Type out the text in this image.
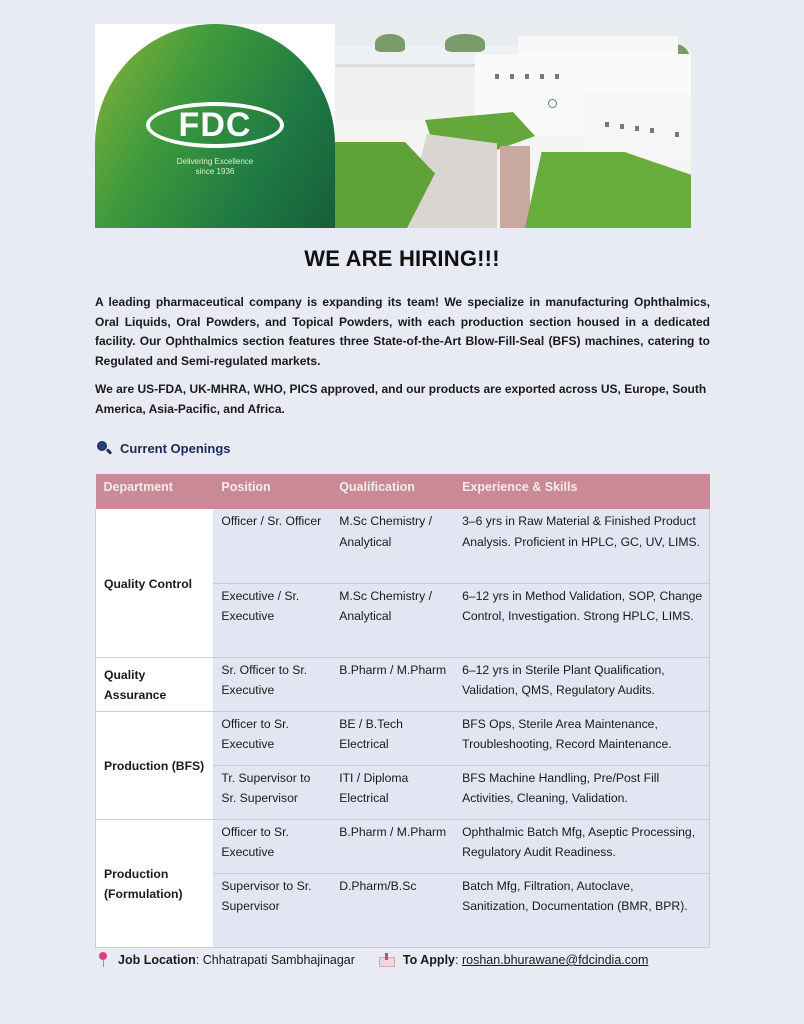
FDC
Delivering Excellence
since 1936
WE ARE HIRING!!!

A leading pharmaceutical company is expanding its team! We specialize in manufacturing Ophthalmics, Oral Liquids, Oral Powders, and Topical Powders, with each production section housed in a dedicated facility. Our Ophthalmics section features three State-of-the-Art Blow-Fill-Seal (BFS) machines, catering to Regulated and Semi-regulated markets.

We are US-FDA, UK-MHRA, WHO, PICS approved, and our products are exported across US, Europe, South America, Asia-Pacific, and Africa.

Current Openings
Department	Position	Qualification	Experience & Skills
Quality Control	Officer / Sr. Officer	M.Sc Chemistry / Analytical	3–6 yrs in Raw Material & Finished Product Analysis. Proficient in HPLC, GC, UV, LIMS.
	Executive / Sr. Executive	M.Sc Chemistry / Analytical	6–12 yrs in Method Validation, SOP, Change Control, Investigation. Strong HPLC, LIMS.
Quality Assurance	Sr. Officer to Sr. Executive	B.Pharm / M.Pharm	6–12 yrs in Sterile Plant Qualification, Validation, QMS, Regulatory Audits.
Production (BFS)	Officer to Sr. Executive	BE / B.Tech Electrical	BFS Ops, Sterile Area Maintenance, Troubleshooting, Record Maintenance.
	Tr. Supervisor to Sr. Supervisor	ITI / Diploma Electrical	BFS Machine Handling, Pre/Post Fill Activities, Cleaning, Validation.
Production (Formulation)	Officer to Sr. Executive	B.Pharm / M.Pharm	Ophthalmic Batch Mfg, Aseptic Processing, Regulatory Audit Readiness.
	Supervisor to Sr. Supervisor	D.Pharm/B.Sc	Batch Mfg, Filtration, Autoclave, Sanitization, Documentation (BMR, BPR).
Job Location : Chhatrapati Sambhajinagar	To Apply : roshan.bhurawane@fdcindia.com
